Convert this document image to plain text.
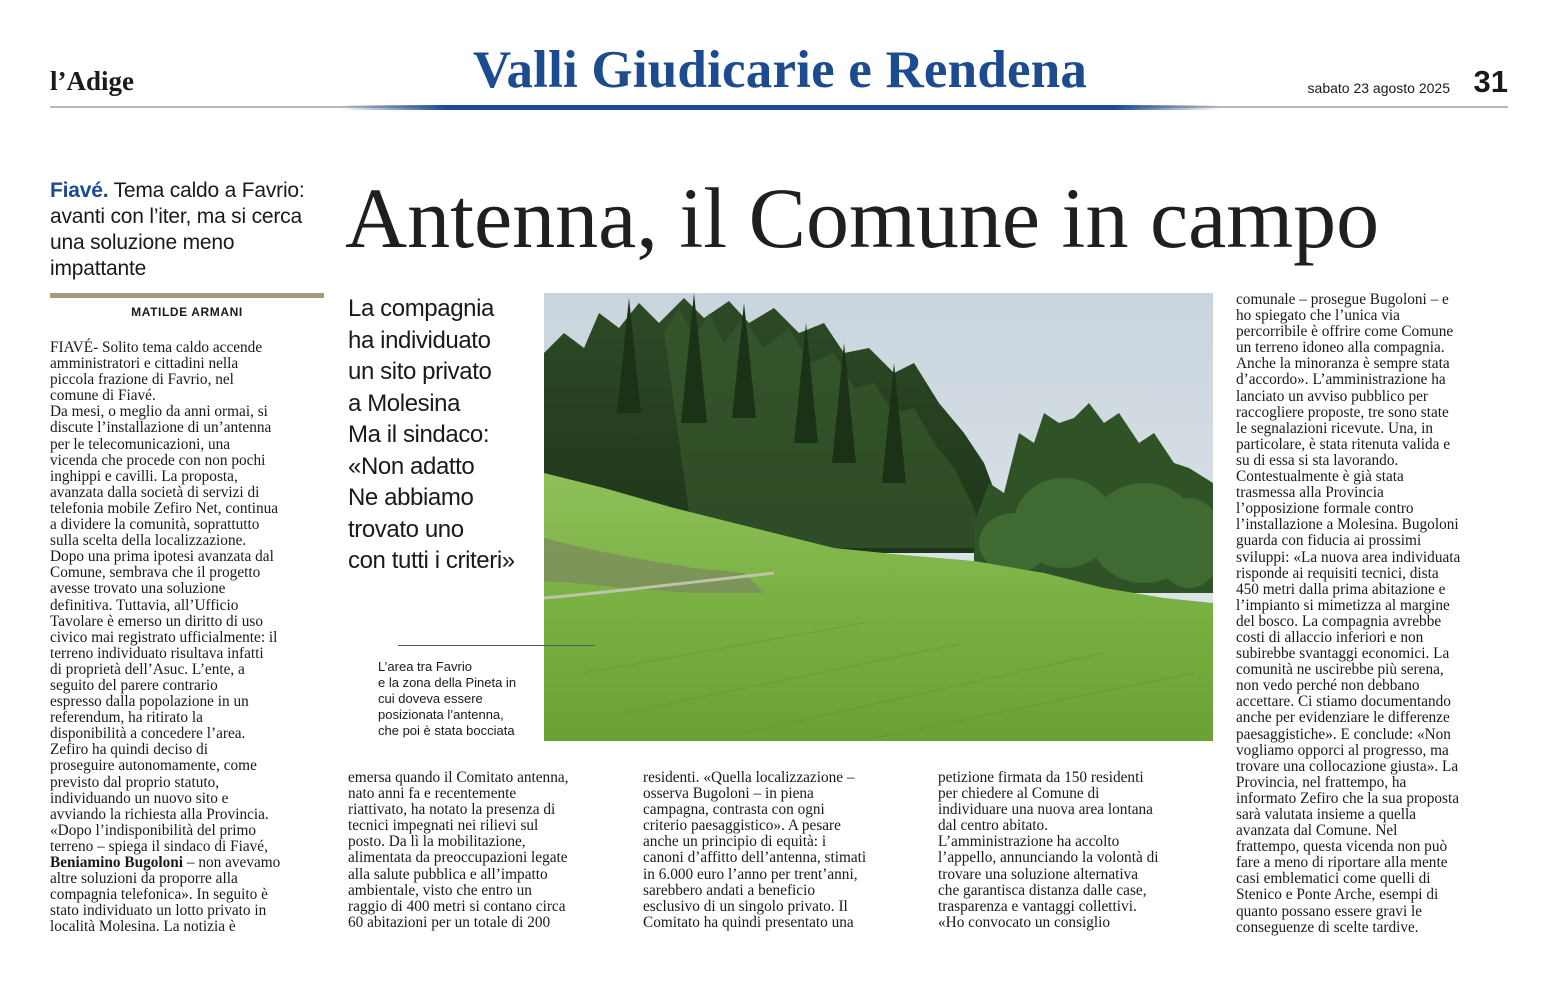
l’Adige	Valli Giudicarie e Rendena	sabato 23 agosto 2025 31
Fiavé. Tema caldo a Favrio:
avanti con l’iter, ma si cerca
una soluzione meno impattante
Antenna, il Comune in campo
MATILDE ARMANI
FIAVÉ- Solito tema caldo accende
amministratori e cittadini nella
piccola frazione di Favrio, nel
comune di Fiavé.
Da mesi, o meglio da anni ormai, si
discute l’installazione di un’antenna
per le telecomunicazioni, una
vicenda che procede con non pochi
inghippi e cavilli. La proposta,
avanzata dalla società di servizi di
telefonia mobile Zefiro Net, continua
a dividere la comunità, soprattutto
sulla scelta della localizzazione.
Dopo una prima ipotesi avanzata dal
Comune, sembrava che il progetto
avesse trovato una soluzione
definitiva. Tuttavia, all’Ufficio
Tavolare è emerso un diritto di uso
civico mai registrato ufficialmente: il
terreno individuato risultava infatti
di proprietà dell’Asuc. L’ente, a
seguito del parere contrario
espresso dalla popolazione in un
referendum, ha ritirato la
disponibilità a concedere l’area.
Zefiro ha quindi deciso di
proseguire autonomamente, come
previsto dal proprio statuto,
individuando un nuovo sito e
avviando la richiesta alla Provincia.
«Dopo l’indisponibilità del primo
terreno – spiega il sindaco di Fiavé,
Beniamino Bugoloni – non avevamo
altre soluzioni da proporre alla
compagnia telefonica». In seguito è
stato individuato un lotto privato in
località Molesina. La notizia è
La compagnia
ha individuato
un sito privato
a Molesina
Ma il sindaco:
«Non adatto
Ne abbiamo
trovato uno
con tutti i criteri»
L’area tra Favrio
e la zona della Pineta in
cui doveva essere
posizionata l’antenna,
che poi è stata bocciata
emersa quando il Comitato antenna,
nato anni fa e recentemente
riattivato, ha notato la presenza di
tecnici impegnati nei rilievi sul
posto. Da lì la mobilitazione,
alimentata da preoccupazioni legate
alla salute pubblica e all’impatto
ambientale, visto che entro un
raggio di 400 metri si contano circa
60 abitazioni per un totale di 200
residenti. «Quella localizzazione –
osserva Bugoloni – in piena
campagna, contrasta con ogni
criterio paesaggistico». A pesare
anche un principio di equità: i
canoni d’affitto dell’antenna, stimati
in 6.000 euro l’anno per trent’anni,
sarebbero andati a beneficio
esclusivo di un singolo privato. Il
Comitato ha quindi presentato una
petizione firmata da 150 residenti
per chiedere al Comune di
individuare una nuova area lontana
dal centro abitato.
L’amministrazione ha accolto
l’appello, annunciando la volontà di
trovare una soluzione alternativa
che garantisca distanza dalle case,
trasparenza e vantaggi collettivi.
«Ho convocato un consiglio
comunale – prosegue Bugoloni – e
ho spiegato che l’unica via
percorribile è offrire come Comune
un terreno idoneo alla compagnia.
Anche la minoranza è sempre stata
d’accordo». L’amministrazione ha
lanciato un avviso pubblico per
raccogliere proposte, tre sono state
le segnalazioni ricevute. Una, in
particolare, è stata ritenuta valida e
su di essa si sta lavorando.
Contestualmente è già stata
trasmessa alla Provincia
l’opposizione formale contro
l’installazione a Molesina. Bugoloni
guarda con fiducia ai prossimi
sviluppi: «La nuova area individuata
risponde ai requisiti tecnici, dista
450 metri dalla prima abitazione e
l’impianto si mimetizza al margine
del bosco. La compagnia avrebbe
costi di allaccio inferiori e non
subirebbe svantaggi economici. La
comunità ne uscirebbe più serena,
non vedo perché non debbano
accettare. Ci stiamo documentando
anche per evidenziare le differenze
paesaggistiche». E conclude: «Non
vogliamo opporci al progresso, ma
trovare una collocazione giusta». La
Provincia, nel frattempo, ha
informato Zefiro che la sua proposta
sarà valutata insieme a quella
avanzata dal Comune. Nel
frattempo, questa vicenda non può
fare a meno di riportare alla mente
casi emblematici come quelli di
Stenico e Ponte Arche, esempi di
quanto possano essere gravi le
conseguenze di scelte tardive.
